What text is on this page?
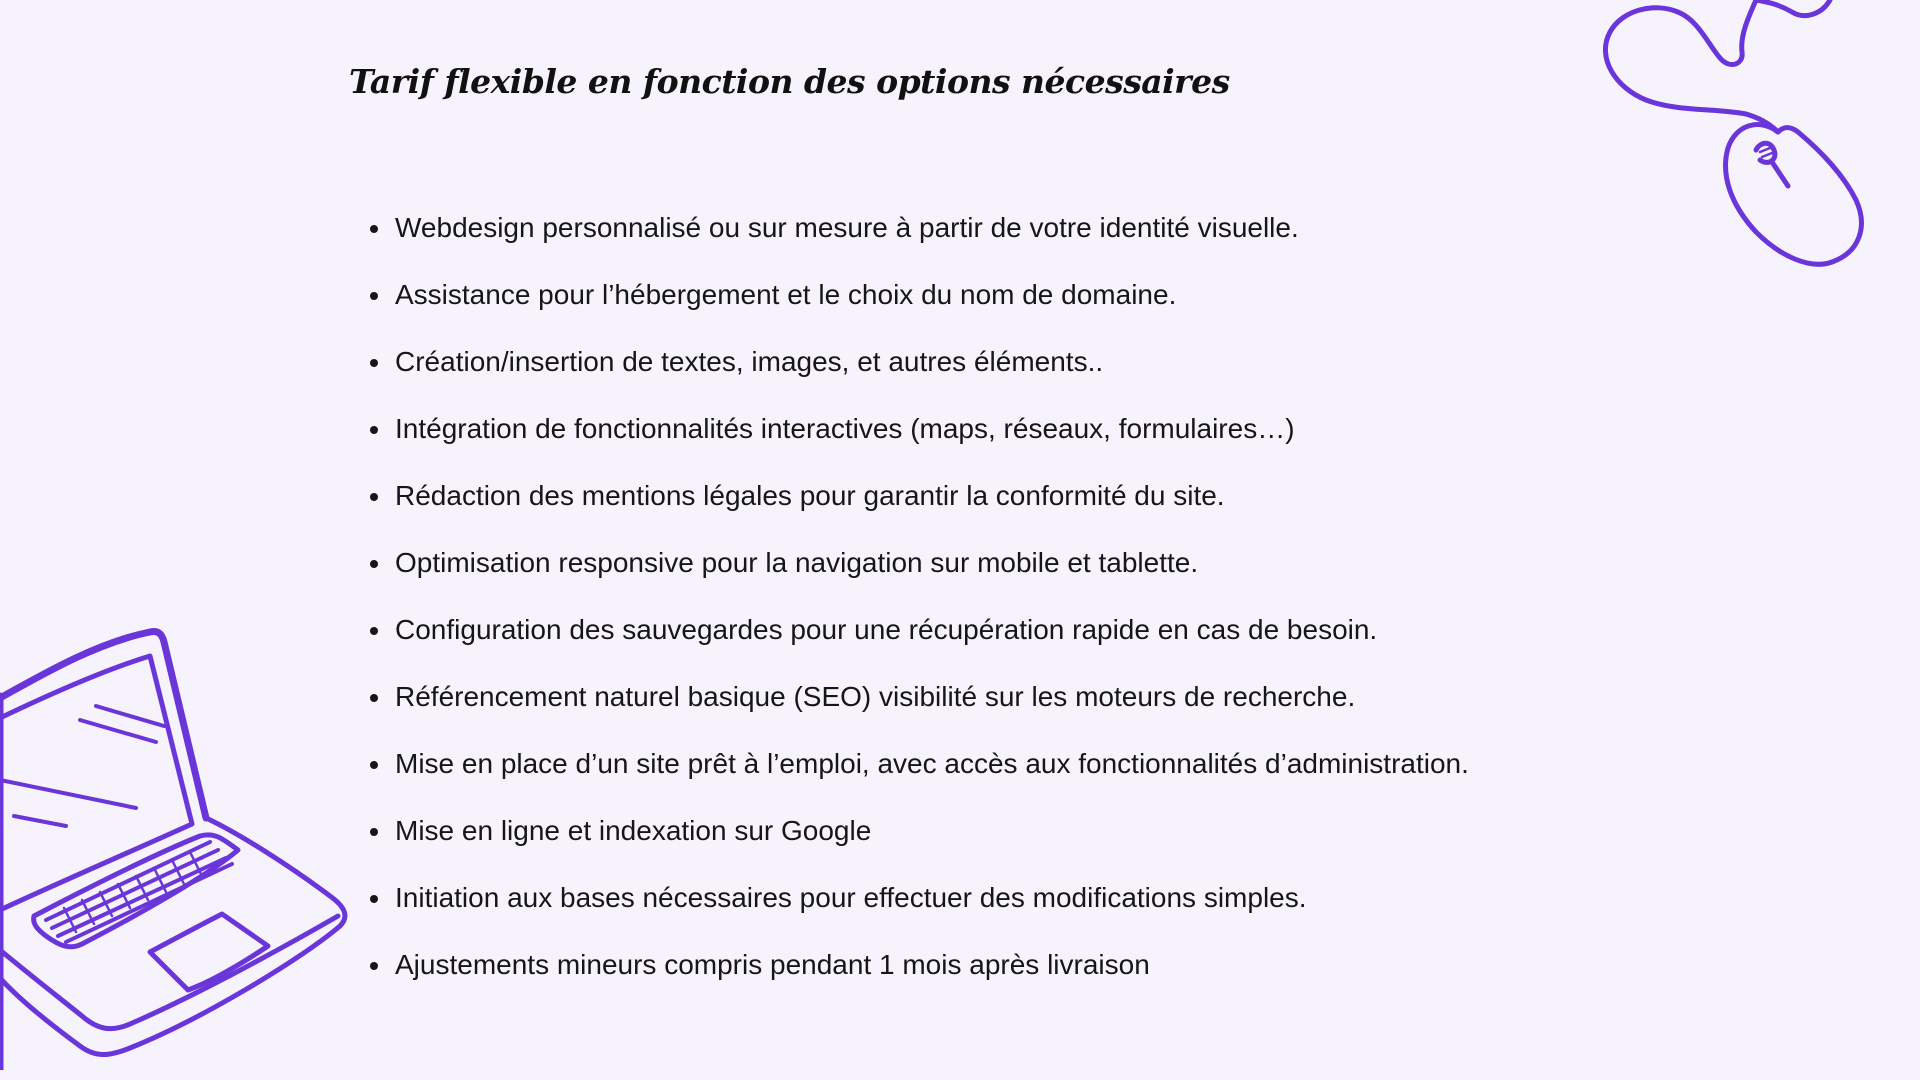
Tarif flexible en fonction des options nécessaires
Webdesign personnalisé ou sur mesure à partir de votre identité visuelle.
Assistance pour l’hébergement et le choix du nom de domaine.
Création/insertion de textes, images, et autres éléments..
Intégration de fonctionnalités interactives (maps, réseaux, formulaires…)
Rédaction des mentions légales pour garantir la conformité du site.
Optimisation responsive pour la navigation sur mobile et tablette.
Configuration des sauvegardes pour une récupération rapide en cas de besoin.
Référencement naturel basique (SEO) visibilité sur les moteurs de recherche.
Mise en place d’un site prêt à l’emploi, avec accès aux fonctionnalités d’administration.
Mise en ligne et indexation sur Google
Initiation aux bases nécessaires pour effectuer des modifications simples.
Ajustements mineurs compris pendant 1 mois après livraison
